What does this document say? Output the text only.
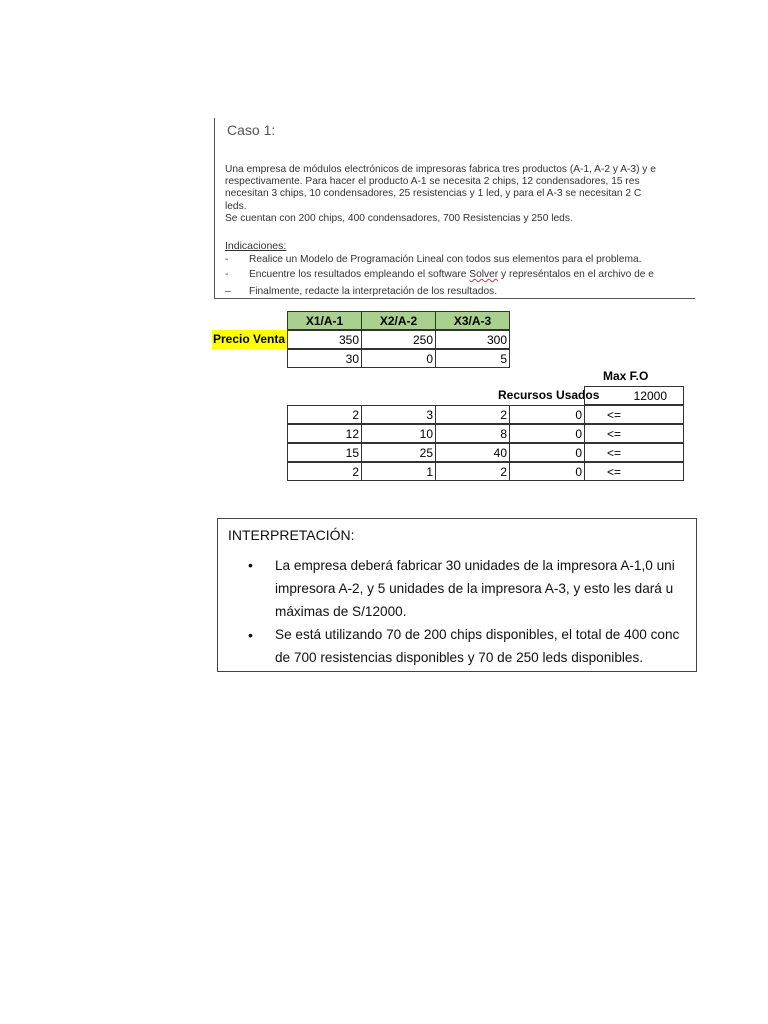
Caso 1:
Una empresa de módulos electrónicos de impresoras fabrica tres productos (A-1, A-2 y A-3) y e
respectivamente. Para hacer el producto A-1 se necesita 2 chips, 12 condensadores, 15 res
necesitan 3 chips, 10 condensadores, 25 resistencias y 1 led, y para el A-3 se necesitan 2 C
leds.
Se cuentan con 200 chips, 400 condensadores, 700 Resistencias y 250 leds.
Indicaciones:
- Realice un Modelo de Programación Lineal con todos sus elementos para el problema.
- Encuentre los resultados empleando el software Solver y represéntalos en el archivo de e
– Finalmente, redacte la interpretación de los resultados.
X1/A-1	X2/A-2	X3/A-3
Precio Venta	350	250	300
30	0	5
Max F.O
Recursos Usados	12000
2	3	2	0	<=
12	10	8	0	<=
15	25	40	0	<=
2	1	2	0	<=
INTERPRETACIÓN:
• La empresa deberá fabricar 30 unidades de la impresora A-1,0 uni
impresora A-2, y 5 unidades de la impresora A-3, y esto les dará u
máximas de S/12000.
• Se está utilizando 70 de 200 chips disponibles, el total de 400 conc
de 700 resistencias disponibles y 70 de 250 leds disponibles.
